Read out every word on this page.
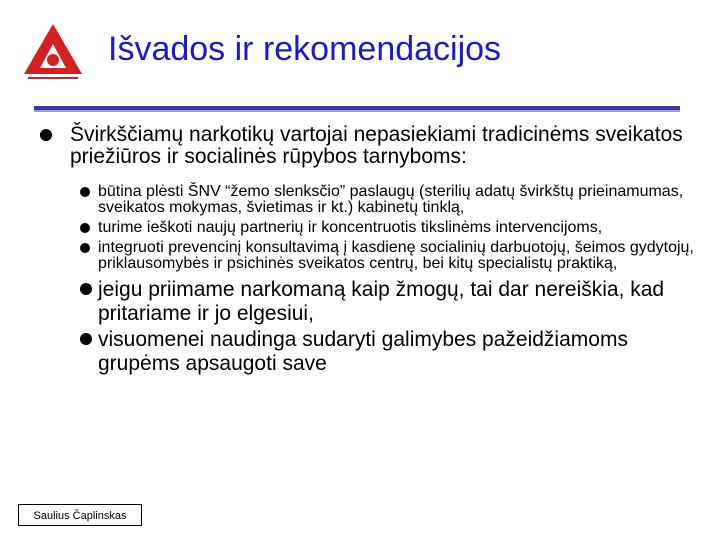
Išvados ir rekomendacijos

Švirkščiamų narkotikų vartojai nepasiekiami tradicinėms sveikatos priežiūros ir socialinės rūpybos tarnyboms:

būtina plėsti ŠNV “žemo slenksčio” paslaugų (sterilių adatų švirkštų prieinamumas, sveikatos mokymas, švietimas ir kt.) kabinetų tinklą,

turime ieškoti naujų partnerių ir koncentruotis tikslinėms intervencijoms,

integruoti prevencinį konsultavimą į kasdienę socialinių darbuotojų, šeimos gydytojų, priklausomybės ir psichinės sveikatos centrų, bei kitų specialistų praktiką,

jeigu priimame narkomaną kaip žmogų, tai dar nereiškia, kad pritariame ir jo elgesiui,

visuomenei naudinga sudaryti galimybes pažeidžiamoms grupėms apsaugoti save

Saulius Čaplinskas
